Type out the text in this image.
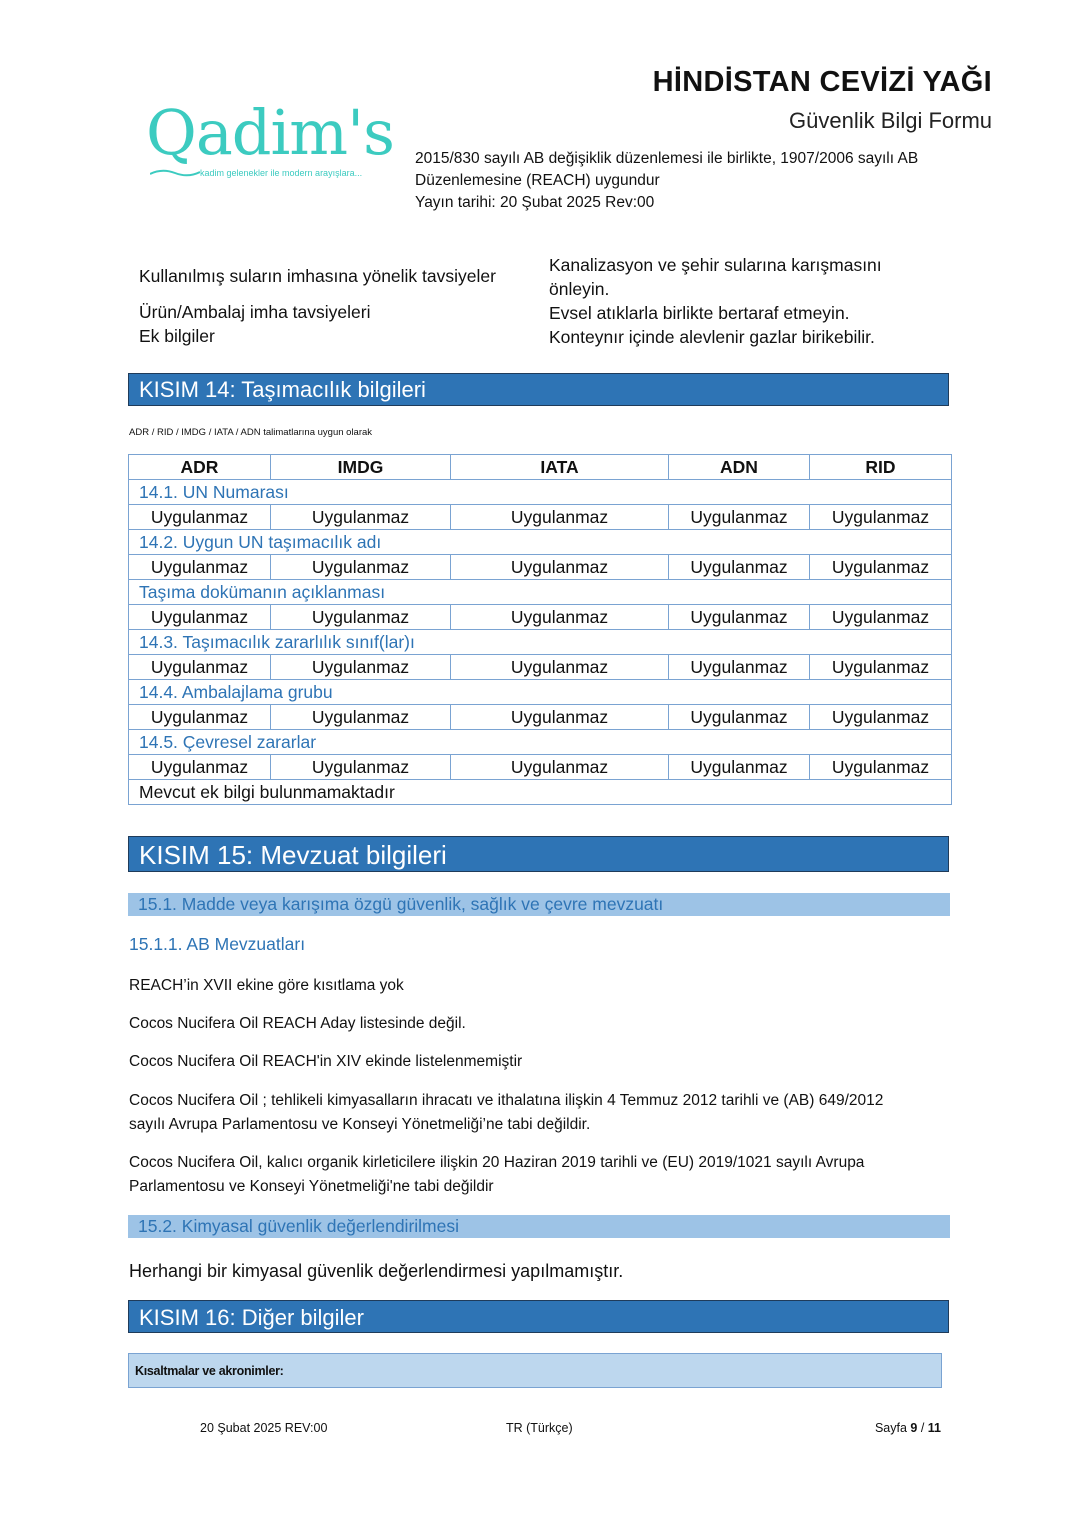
Qadim's
kadim gelenekler ile modern arayışlara...
HİNDİSTAN CEVİZİ YAĞI
Güvenlik Bilgi Formu
2015/830 sayılı AB değişiklik düzenlemesi ile birlikte, 1907/2006 sayılı AB
Düzenlemesine (REACH) uygundur
Yayın tarihi: 20 Şubat 2025 Rev:00
Kullanılmış suların imhasına yönelik tavsiyeler
Kanalizasyon ve şehir sularına karışmasını
önleyin.
Ürün/Ambalaj imha tavsiyeleri	Evsel atıklarla birlikte bertaraf etmeyin.
Ek bilgiler	Konteynır içinde alevlenir gazlar birikebilir.
KISIM 14: Taşımacılık bilgileri
ADR / RID / IMDG / IATA / ADN talimatlarına uygun olarak
ADR	IMDG	IATA	ADN	RID
14.1. UN Numarası				
Uygulanmaz	Uygulanmaz	Uygulanmaz	Uygulanmaz	Uygulanmaz
14.2. Uygun UN taşımacılık adı				
Uygulanmaz	Uygulanmaz	Uygulanmaz	Uygulanmaz	Uygulanmaz
Taşıma dokümanın açıklanması				
Uygulanmaz	Uygulanmaz	Uygulanmaz	Uygulanmaz	Uygulanmaz
14.3. Taşımacılık zararlılık sınıf(lar)ı				
Uygulanmaz	Uygulanmaz	Uygulanmaz	Uygulanmaz	Uygulanmaz
14.4. Ambalajlama grubu				
Uygulanmaz	Uygulanmaz	Uygulanmaz	Uygulanmaz	Uygulanmaz
14.5. Çevresel zararlar				
Uygulanmaz	Uygulanmaz	Uygulanmaz	Uygulanmaz	Uygulanmaz
Mevcut ek bilgi bulunmamaktadır				
KISIM 15: Mevzuat bilgileri
15.1. Madde veya karışıma özgü güvenlik, sağlık ve çevre mevzuatı
15.1.1. AB Mevzuatları
REACH’in XVII ekine göre kısıtlama yok
Cocos Nucifera Oil REACH Aday listesinde değil.
Cocos Nucifera Oil REACH'in XIV ekinde listelenmemiştir
Cocos Nucifera Oil ; tehlikeli kimyasalların ihracatı ve ithalatına ilişkin 4 Temmuz 2012 tarihli ve (AB) 649/2012
sayılı Avrupa Parlamentosu ve Konseyi Yönetmeliği’ne tabi değildir.
Cocos Nucifera Oil, kalıcı organik kirleticilere ilişkin 20 Haziran 2019 tarihli ve (EU) 2019/1021 sayılı Avrupa
Parlamentosu ve Konseyi Yönetmeliği'ne tabi değildir
15.2. Kimyasal güvenlik değerlendirilmesi
Herhangi bir kimyasal güvenlik değerlendirmesi yapılmamıştır.
KISIM 16: Diğer bilgiler
Kısaltmalar ve akronimler:
20 Şubat 2025 REV:00	TR (Türkçe)	Sayfa 9 / 11
